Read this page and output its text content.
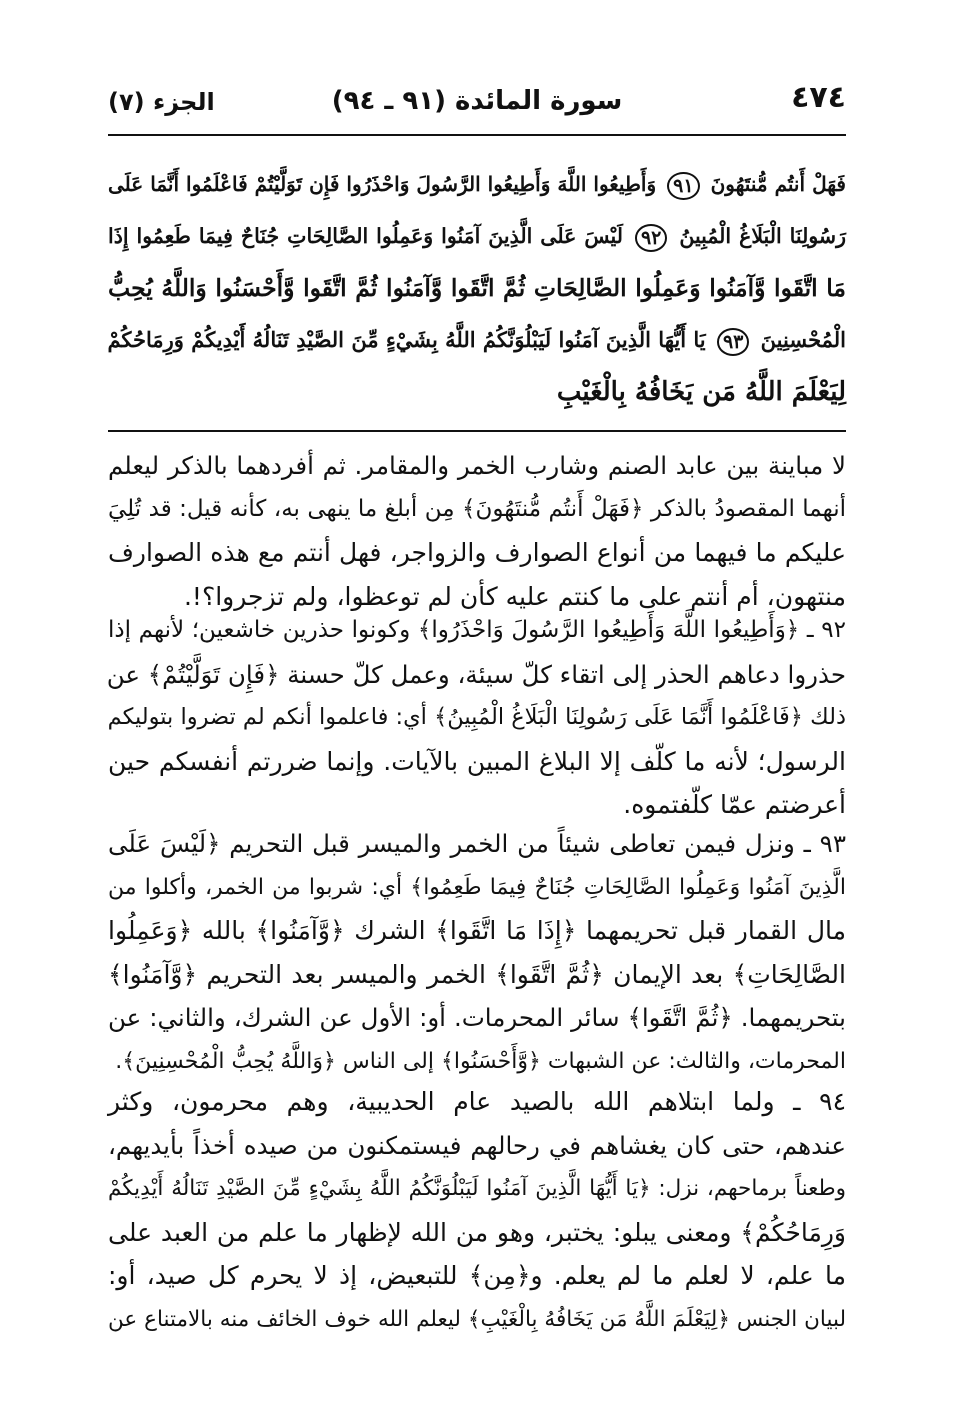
٤٧٤
سورة المائدة (٩١ ـ ٩٤)
الجزء (٧)
فَهَلْ أَنتُم مُّنتَهُونَ ٩١ وَأَطِيعُوا اللَّهَ وَأَطِيعُوا الرَّسُولَ وَاحْذَرُوا فَإِن تَوَلَّيْتُمْ فَاعْلَمُوا أَنَّمَا عَلَى
رَسُولِنَا الْبَلَاغُ الْمُبِينُ ٩٢ لَيْسَ عَلَى الَّذِينَ آمَنُوا وَعَمِلُوا الصَّالِحَاتِ جُنَاحٌ فِيمَا طَعِمُوا إِذَا
مَا اتَّقَوا وَّآمَنُوا وَعَمِلُوا الصَّالِحَاتِ ثُمَّ اتَّقَوا وَّآمَنُوا ثُمَّ اتَّقَوا وَّأَحْسَنُوا وَاللَّهُ يُحِبُّ
الْمُحْسِنِينَ ٩٣ يَا أَيُّهَا الَّذِينَ آمَنُوا لَيَبْلُوَنَّكُمُ اللَّهُ بِشَيْءٍ مِّنَ الصَّيْدِ تَنَالُهُ أَيْدِيكُمْ وَرِمَاحُكُمْ
لِيَعْلَمَ اللَّهُ مَن يَخَافُهُ بِالْغَيْبِ
لا مباينة بين عابد الصنم وشارب الخمر والمقامر. ثم أفردهما بالذكر ليعلم
أنهما المقصودُ بالذكر ﴿فَهَلْ أَنتُم مُّنتَهُونَ﴾ مِن أبلغ ما ينهى به، كأنه قيل: قد تُلِيَ
عليكم ما فيهما من أنواع الصوارف والزواجر، فهل أنتم مع هذه الصوارف
منتهون، أم أنتم على ما كنتم عليه كأن لم توعظوا، ولم تزجروا؟!.
٩٢ ـ ﴿وَأَطِيعُوا اللَّهَ وَأَطِيعُوا الرَّسُولَ وَاحْذَرُوا﴾ وكونوا حذرين خاشعين؛ لأنهم إذا
حذروا دعاهم الحذر إلى اتقاء كلّ سيئة، وعمل كلّ حسنة ﴿فَإِن تَوَلَّيْتُمْ﴾ عن
ذلك ﴿فَاعْلَمُوا أَنَّمَا عَلَى رَسُولِنَا الْبَلَاغُ الْمُبِينُ﴾ أي: فاعلموا أنكم لم تضروا بتوليكم
الرسول؛ لأنه ما كلّف إلا البلاغ المبين بالآيات. وإنما ضررتم أنفسكم حين
أعرضتم عمّا كلّفتموه.
٩٣ ـ ونزل فيمن تعاطى شيئاً من الخمر والميسر قبل التحريم ﴿لَيْسَ عَلَى
الَّذِينَ آمَنُوا وَعَمِلُوا الصَّالِحَاتِ جُنَاحٌ فِيمَا طَعِمُوا﴾ أي: شربوا من الخمر، وأكلوا من
مال القمار قبل تحريمهما ﴿إِذَا مَا اتَّقَوا﴾ الشرك ﴿وَّآمَنُوا﴾ بالله ﴿وَعَمِلُوا
الصَّالِحَاتِ﴾ بعد الإيمان ﴿ثُمَّ اتَّقَوا﴾ الخمر والميسر بعد التحريم ﴿وَّآمَنُوا﴾
بتحريمهما. ﴿ثُمَّ اتَّقَوا﴾ سائر المحرمات. أو: الأول عن الشرك، والثاني: عن
المحرمات، والثالث: عن الشبهات ﴿وَّأَحْسَنُوا﴾ إلى الناس ﴿وَاللَّهُ يُحِبُّ الْمُحْسِنِينَ﴾.
٩٤ ـ ولما ابتلاهم الله بالصيد عام الحديبية، وهم محرمون، وكثر
عندهم، حتى كان يغشاهم في رحالهم فيستمكنون من صيده أخذاً بأيديهم،
وطعناً برماحهم، نزل: ﴿يَا أَيُّهَا الَّذِينَ آمَنُوا لَيَبْلُوَنَّكُمُ اللَّهُ بِشَيْءٍ مِّنَ الصَّيْدِ تَنَالُهُ أَيْدِيكُمْ
وَرِمَاحُكُمْ﴾ ومعنى يبلو: يختبر، وهو من الله لإظهار ما علم من العبد على
ما علم، لا لعلم ما لم يعلم. و﴿مِن﴾ للتبعيض، إذ لا يحرم كل صيد، أو:
لبيان الجنس ﴿لِيَعْلَمَ اللَّهُ مَن يَخَافُهُ بِالْغَيْبِ﴾ ليعلم الله خوف الخائف منه بالامتناع عن
